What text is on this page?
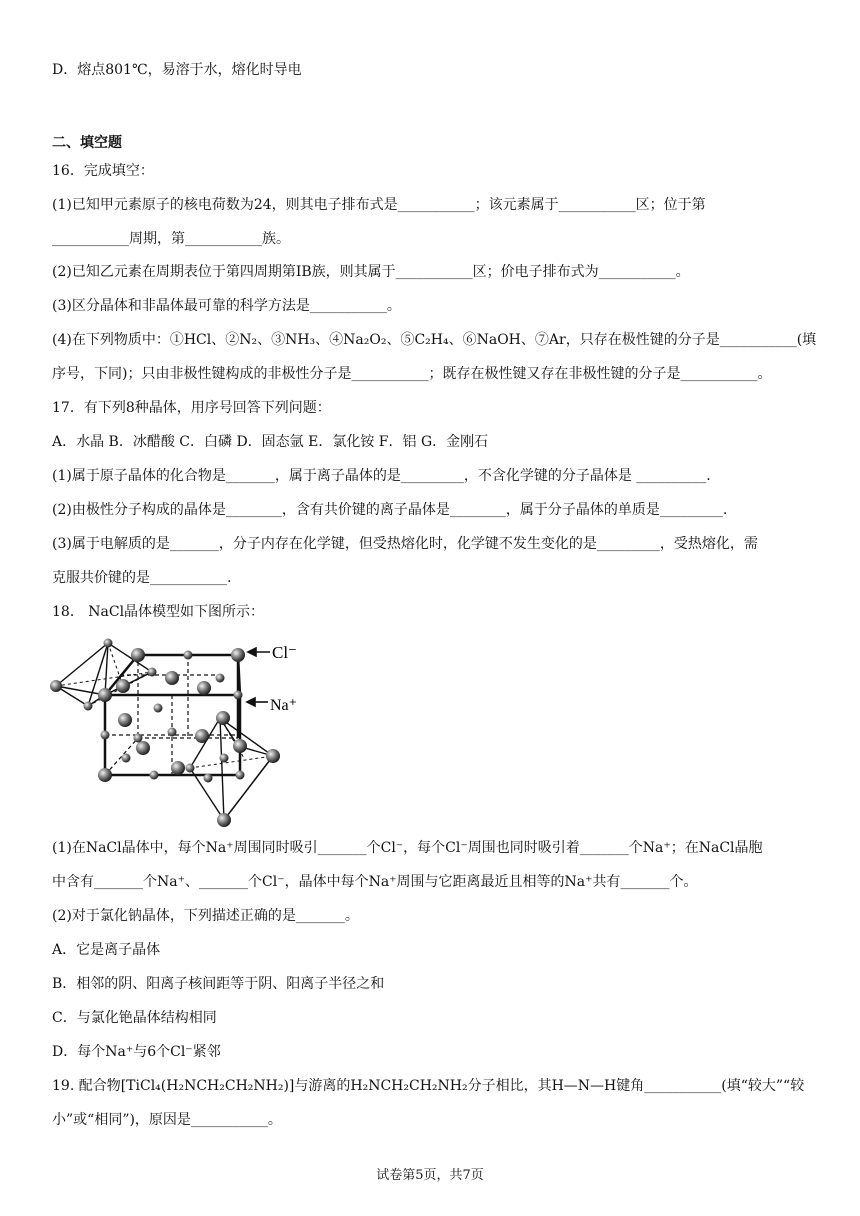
D．熔点801℃，易溶于水，熔化时导电
二、填空题
16．完成填空：
(1)已知甲元素原子的核电荷数为24，则其电子排布式是___________；该元素属于___________区；位于第
___________周期，第___________族。
(2)已知乙元素在周期表位于第四周期第IB族，则其属于___________区；价电子排布式为___________。
(3)区分晶体和非晶体最可靠的科学方法是___________。
(4)在下列物质中：①HCl、②N₂、③NH₃、④Na₂O₂、⑤C₂H₄、⑥NaOH、⑦Ar，只存在极性键的分子是___________(填
序号，下同)；只由非极性键构成的非极性分子是___________；既存在极性键又存在非极性键的分子是___________。
17．有下列8种晶体，用序号回答下列问题：
A．水晶 B．冰醋酸 C．白磷 D．固态氩 E．氯化铵 F．铝 G．金刚石
(1)属于原子晶体的化合物是_______，属于离子晶体的是_________，不含化学键的分子晶体是 __________.
(2)由极性分子构成的晶体是________，含有共价键的离子晶体是________，属于分子晶体的单质是_________.
(3)属于电解质的是_______，分子内存在化学键，但受热熔化时，化学键不发生变化的是_________，受热熔化，需
克服共价键的是___________.
18． NaCl晶体模型如下图所示：
Cl⁻
Na⁺
(1)在NaCl晶体中，每个Na⁺周围同时吸引_______个Cl⁻，每个Cl⁻周围也同时吸引着_______个Na⁺；在NaCl晶胞
中含有_______个Na⁺、_______个Cl⁻，晶体中每个Na⁺周围与它距离最近且相等的Na⁺共有_______个。
(2)对于氯化钠晶体，下列描述正确的是_______。
A．它是离子晶体
B．相邻的阴、阳离子核间距等于阴、阳离子半径之和
C．与氯化铯晶体结构相同
D．每个Na⁺与6个Cl⁻紧邻
19. 配合物[TiCl₄(H₂NCH₂CH₂NH₂)]与游离的H₂NCH₂CH₂NH₂分子相比，其H—N—H键角___________(填“较大”“较
小”或“相同”)，原因是___________。
试卷第5页，共7页
